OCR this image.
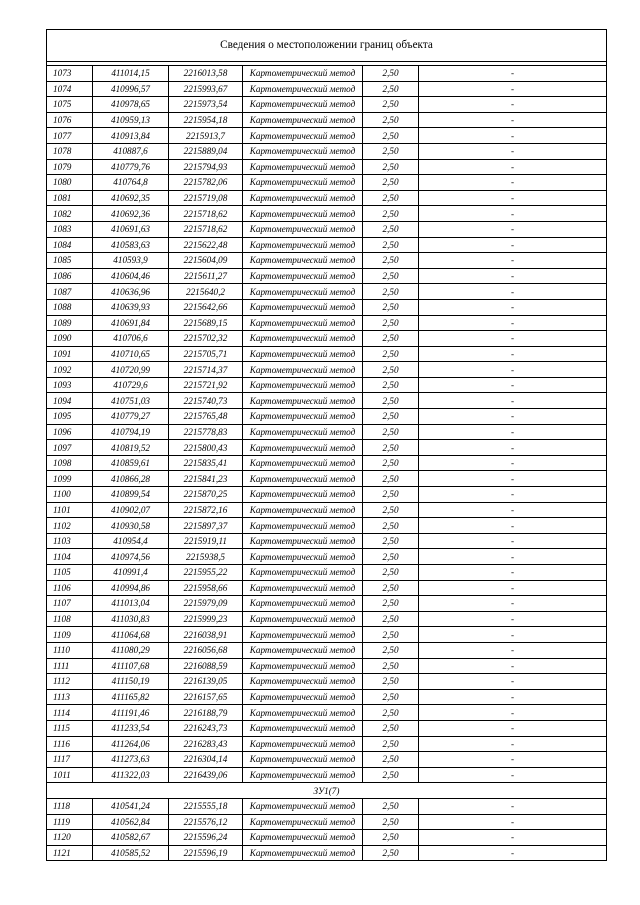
Сведения о местоположении границ объекта					

1073	411014,15	2216013,58	Картометрический метод	2,50	-
1074	410996,57	2215993,67	Картометрический метод	2,50	-
1075	410978,65	2215973,54	Картометрический метод	2,50	-
1076	410959,13	2215954,18	Картометрический метод	2,50	-
1077	410913,84	2215913,7	Картометрический метод	2,50	-
1078	410887,6	2215889,04	Картометрический метод	2,50	-
1079	410779,76	2215794,93	Картометрический метод	2,50	-
1080	410764,8	2215782,06	Картометрический метод	2,50	-
1081	410692,35	2215719,08	Картометрический метод	2,50	-
1082	410692,36	2215718,62	Картометрический метод	2,50	-
1083	410691,63	2215718,62	Картометрический метод	2,50	-
1084	410583,63	2215622,48	Картометрический метод	2,50	-
1085	410593,9	2215604,09	Картометрический метод	2,50	-
1086	410604,46	2215611,27	Картометрический метод	2,50	-
1087	410636,96	2215640,2	Картометрический метод	2,50	-
1088	410639,93	2215642,66	Картометрический метод	2,50	-
1089	410691,84	2215689,15	Картометрический метод	2,50	-
1090	410706,6	2215702,32	Картометрический метод	2,50	-
1091	410710,65	2215705,71	Картометрический метод	2,50	-
1092	410720,99	2215714,37	Картометрический метод	2,50	-
1093	410729,6	2215721,92	Картометрический метод	2,50	-
1094	410751,03	2215740,73	Картометрический метод	2,50	-
1095	410779,27	2215765,48	Картометрический метод	2,50	-
1096	410794,19	2215778,83	Картометрический метод	2,50	-
1097	410819,52	2215800,43	Картометрический метод	2,50	-
1098	410859,61	2215835,41	Картометрический метод	2,50	-
1099	410866,28	2215841,23	Картометрический метод	2,50	-
1100	410899,54	2215870,25	Картометрический метод	2,50	-
1101	410902,07	2215872,16	Картометрический метод	2,50	-
1102	410930,58	2215897,37	Картометрический метод	2,50	-
1103	410954,4	2215919,11	Картометрический метод	2,50	-
1104	410974,56	2215938,5	Картометрический метод	2,50	-
1105	410991,4	2215955,22	Картометрический метод	2,50	-
1106	410994,86	2215958,66	Картометрический метод	2,50	-
1107	411013,04	2215979,09	Картометрический метод	2,50	-
1108	411030,83	2215999,23	Картометрический метод	2,50	-
1109	411064,68	2216038,91	Картометрический метод	2,50	-
1110	411080,29	2216056,68	Картометрический метод	2,50	-
1111	411107,68	2216088,59	Картометрический метод	2,50	-
1112	411150,19	2216139,05	Картометрический метод	2,50	-
1113	411165,82	2216157,65	Картометрический метод	2,50	-
1114	411191,46	2216188,79	Картометрический метод	2,50	-
1115	411233,54	2216243,73	Картометрический метод	2,50	-
1116	411264,06	2216283,43	Картометрический метод	2,50	-
1117	411273,63	2216304,14	Картометрический метод	2,50	-
1011	411322,03	2216439,06	Картометрический метод	2,50	-
ЗУ1(7)					
1118	410541,24	2215555,18	Картометрический метод	2,50	-
1119	410562,84	2215576,12	Картометрический метод	2,50	-
1120	410582,67	2215596,24	Картометрический метод	2,50	-
1121	410585,52	2215596,19	Картометрический метод	2,50	-
